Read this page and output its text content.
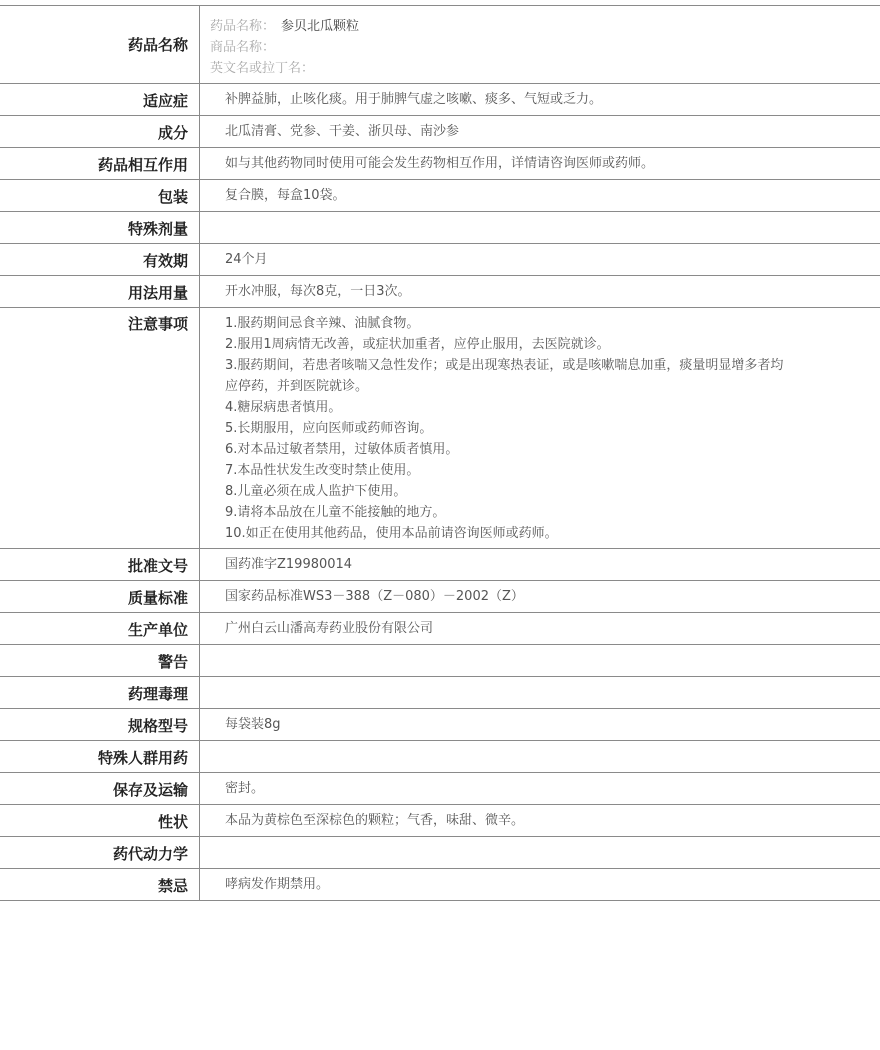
药品名称
药品名称： 参贝北瓜颗粒
商品名称：
英文名或拉丁名：
适应症	补脾益肺，止咳化痰。用于肺脾气虚之咳嗽、痰多、气短或乏力。
成分	北瓜清膏、党参、干姜、浙贝母、南沙参
药品相互作用	如与其他药物同时使用可能会发生药物相互作用，详情请咨询医师或药师。
包装	复合膜，每盒10袋。
特殊剂量
有效期	24个月
用法用量	开水冲服，每次8克，一日3次。
注意事项	1.服药期间忌食辛辣、油腻食物。
2.服用1周病情无改善，或症状加重者，应停止服用，去医院就诊。
3.服药期间，若患者咳喘又急性发作；或是出现寒热表证，或是咳嗽喘息加重，痰量明显增多者均应停药，并到医院就诊。
4.糖尿病患者慎用。
5.长期服用，应向医师或药师咨询。
6.对本品过敏者禁用，过敏体质者慎用。
7.本品性状发生改变时禁止使用。
8.儿童必须在成人监护下使用。
9.请将本品放在儿童不能接触的地方。
10.如正在使用其他药品，使用本品前请咨询医师或药师。
批准文号	国药准字Z19980014
质量标准	国家药品标准WS3－388（Z－080）－2002（Z）
生产单位	广州白云山潘高寿药业股份有限公司
警告
药理毒理
规格型号	每袋装8g
特殊人群用药
保存及运输	密封。
性状	本品为黄棕色至深棕色的颗粒；气香，味甜、微辛。
药代动力学
禁忌	哮病发作期禁用。
